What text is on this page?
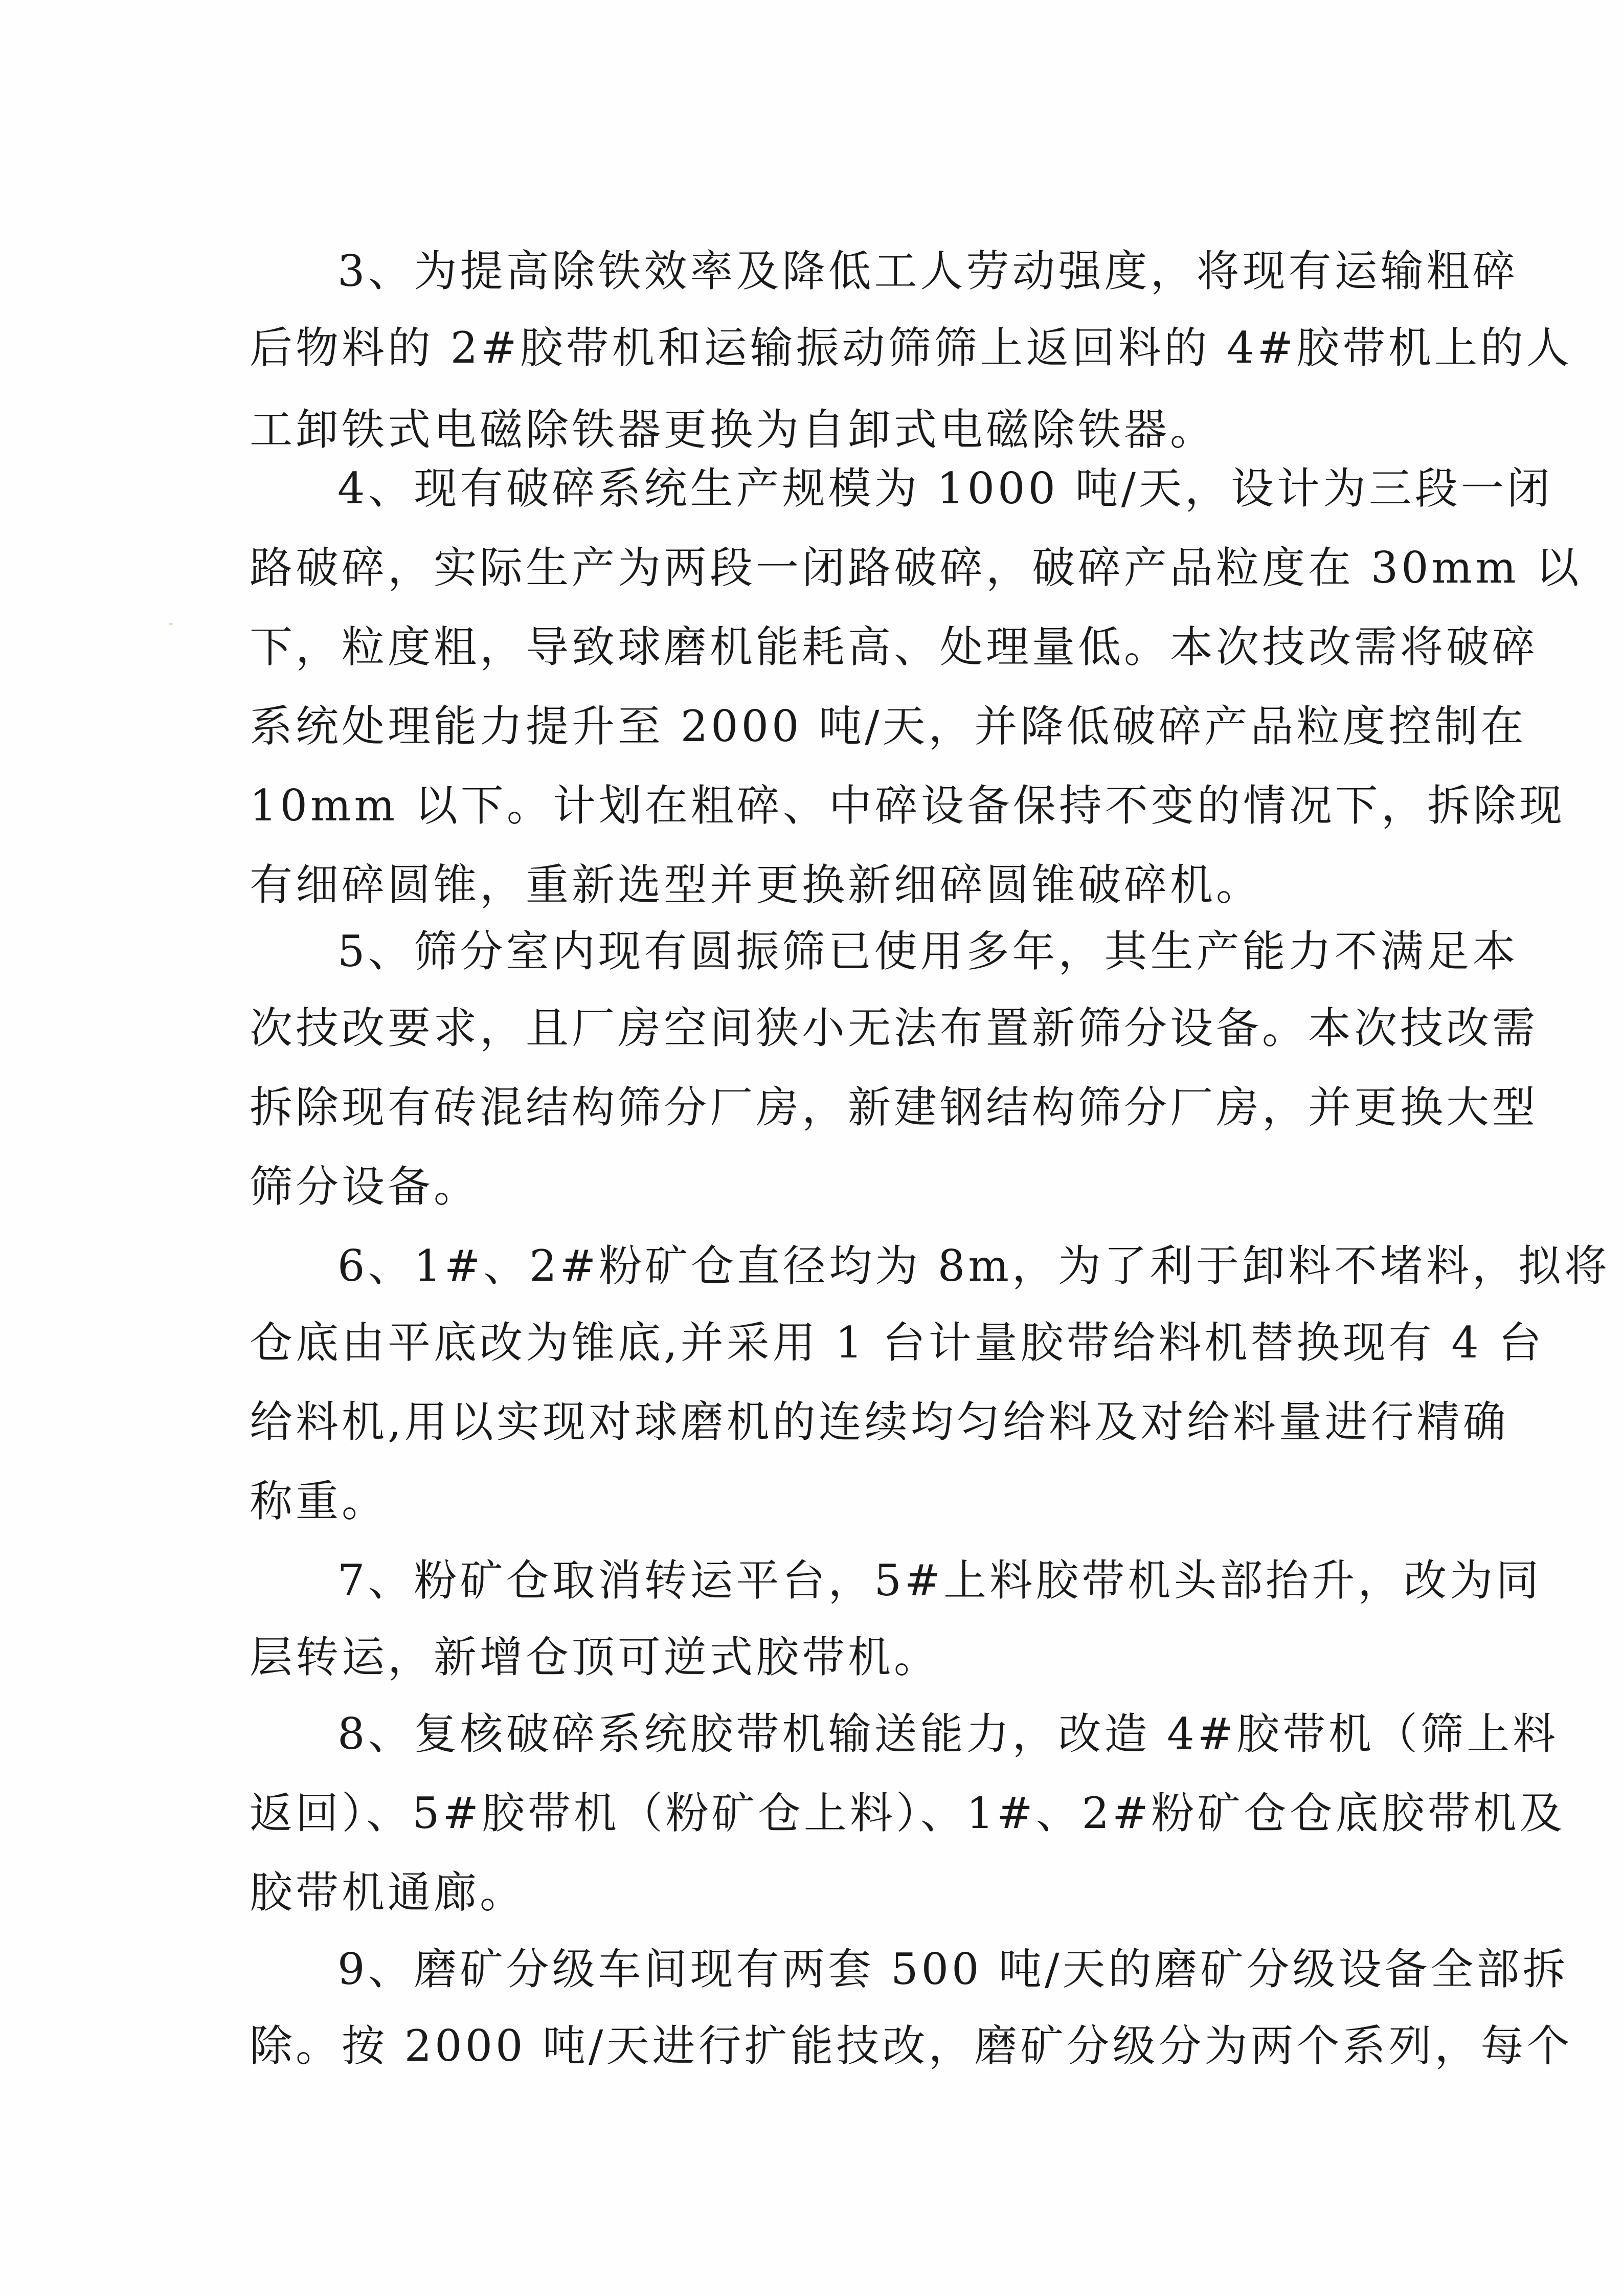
3、为提高除铁效率及降低工人劳动强度，将现有运输粗碎
后物料的 2#胶带机和运输振动筛筛上返回料的 4#胶带机上的人
工卸铁式电磁除铁器更换为自卸式电磁除铁器。
4、现有破碎系统生产规模为 1000 吨/天，设计为三段一闭
路破碎，实际生产为两段一闭路破碎，破碎产品粒度在 30mm 以
下，粒度粗，导致球磨机能耗高、处理量低。本次技改需将破碎
系统处理能力提升至 2000 吨/天，并降低破碎产品粒度控制在
10mm 以下。计划在粗碎、中碎设备保持不变的情况下，拆除现
有细碎圆锥，重新选型并更换新细碎圆锥破碎机。
5、筛分室内现有圆振筛已使用多年，其生产能力不满足本
次技改要求，且厂房空间狭小无法布置新筛分设备。本次技改需
拆除现有砖混结构筛分厂房，新建钢结构筛分厂房，并更换大型
筛分设备。
6、1#、2#粉矿仓直径均为 8m，为了利于卸料不堵料，拟将
仓底由平底改为锥底,并采用 1 台计量胶带给料机替换现有 4 台
给料机,用以实现对球磨机的连续均匀给料及对给料量进行精确
称重。
7、粉矿仓取消转运平台，5#上料胶带机头部抬升，改为同
层转运，新增仓顶可逆式胶带机。
8、复核破碎系统胶带机输送能力，改造 4#胶带机（筛上料
返回）、5#胶带机（粉矿仓上料）、1#、2#粉矿仓仓底胶带机及
胶带机通廊。
9、磨矿分级车间现有两套 500 吨/天的磨矿分级设备全部拆
除。按 2000 吨/天进行扩能技改，磨矿分级分为两个系列，每个
